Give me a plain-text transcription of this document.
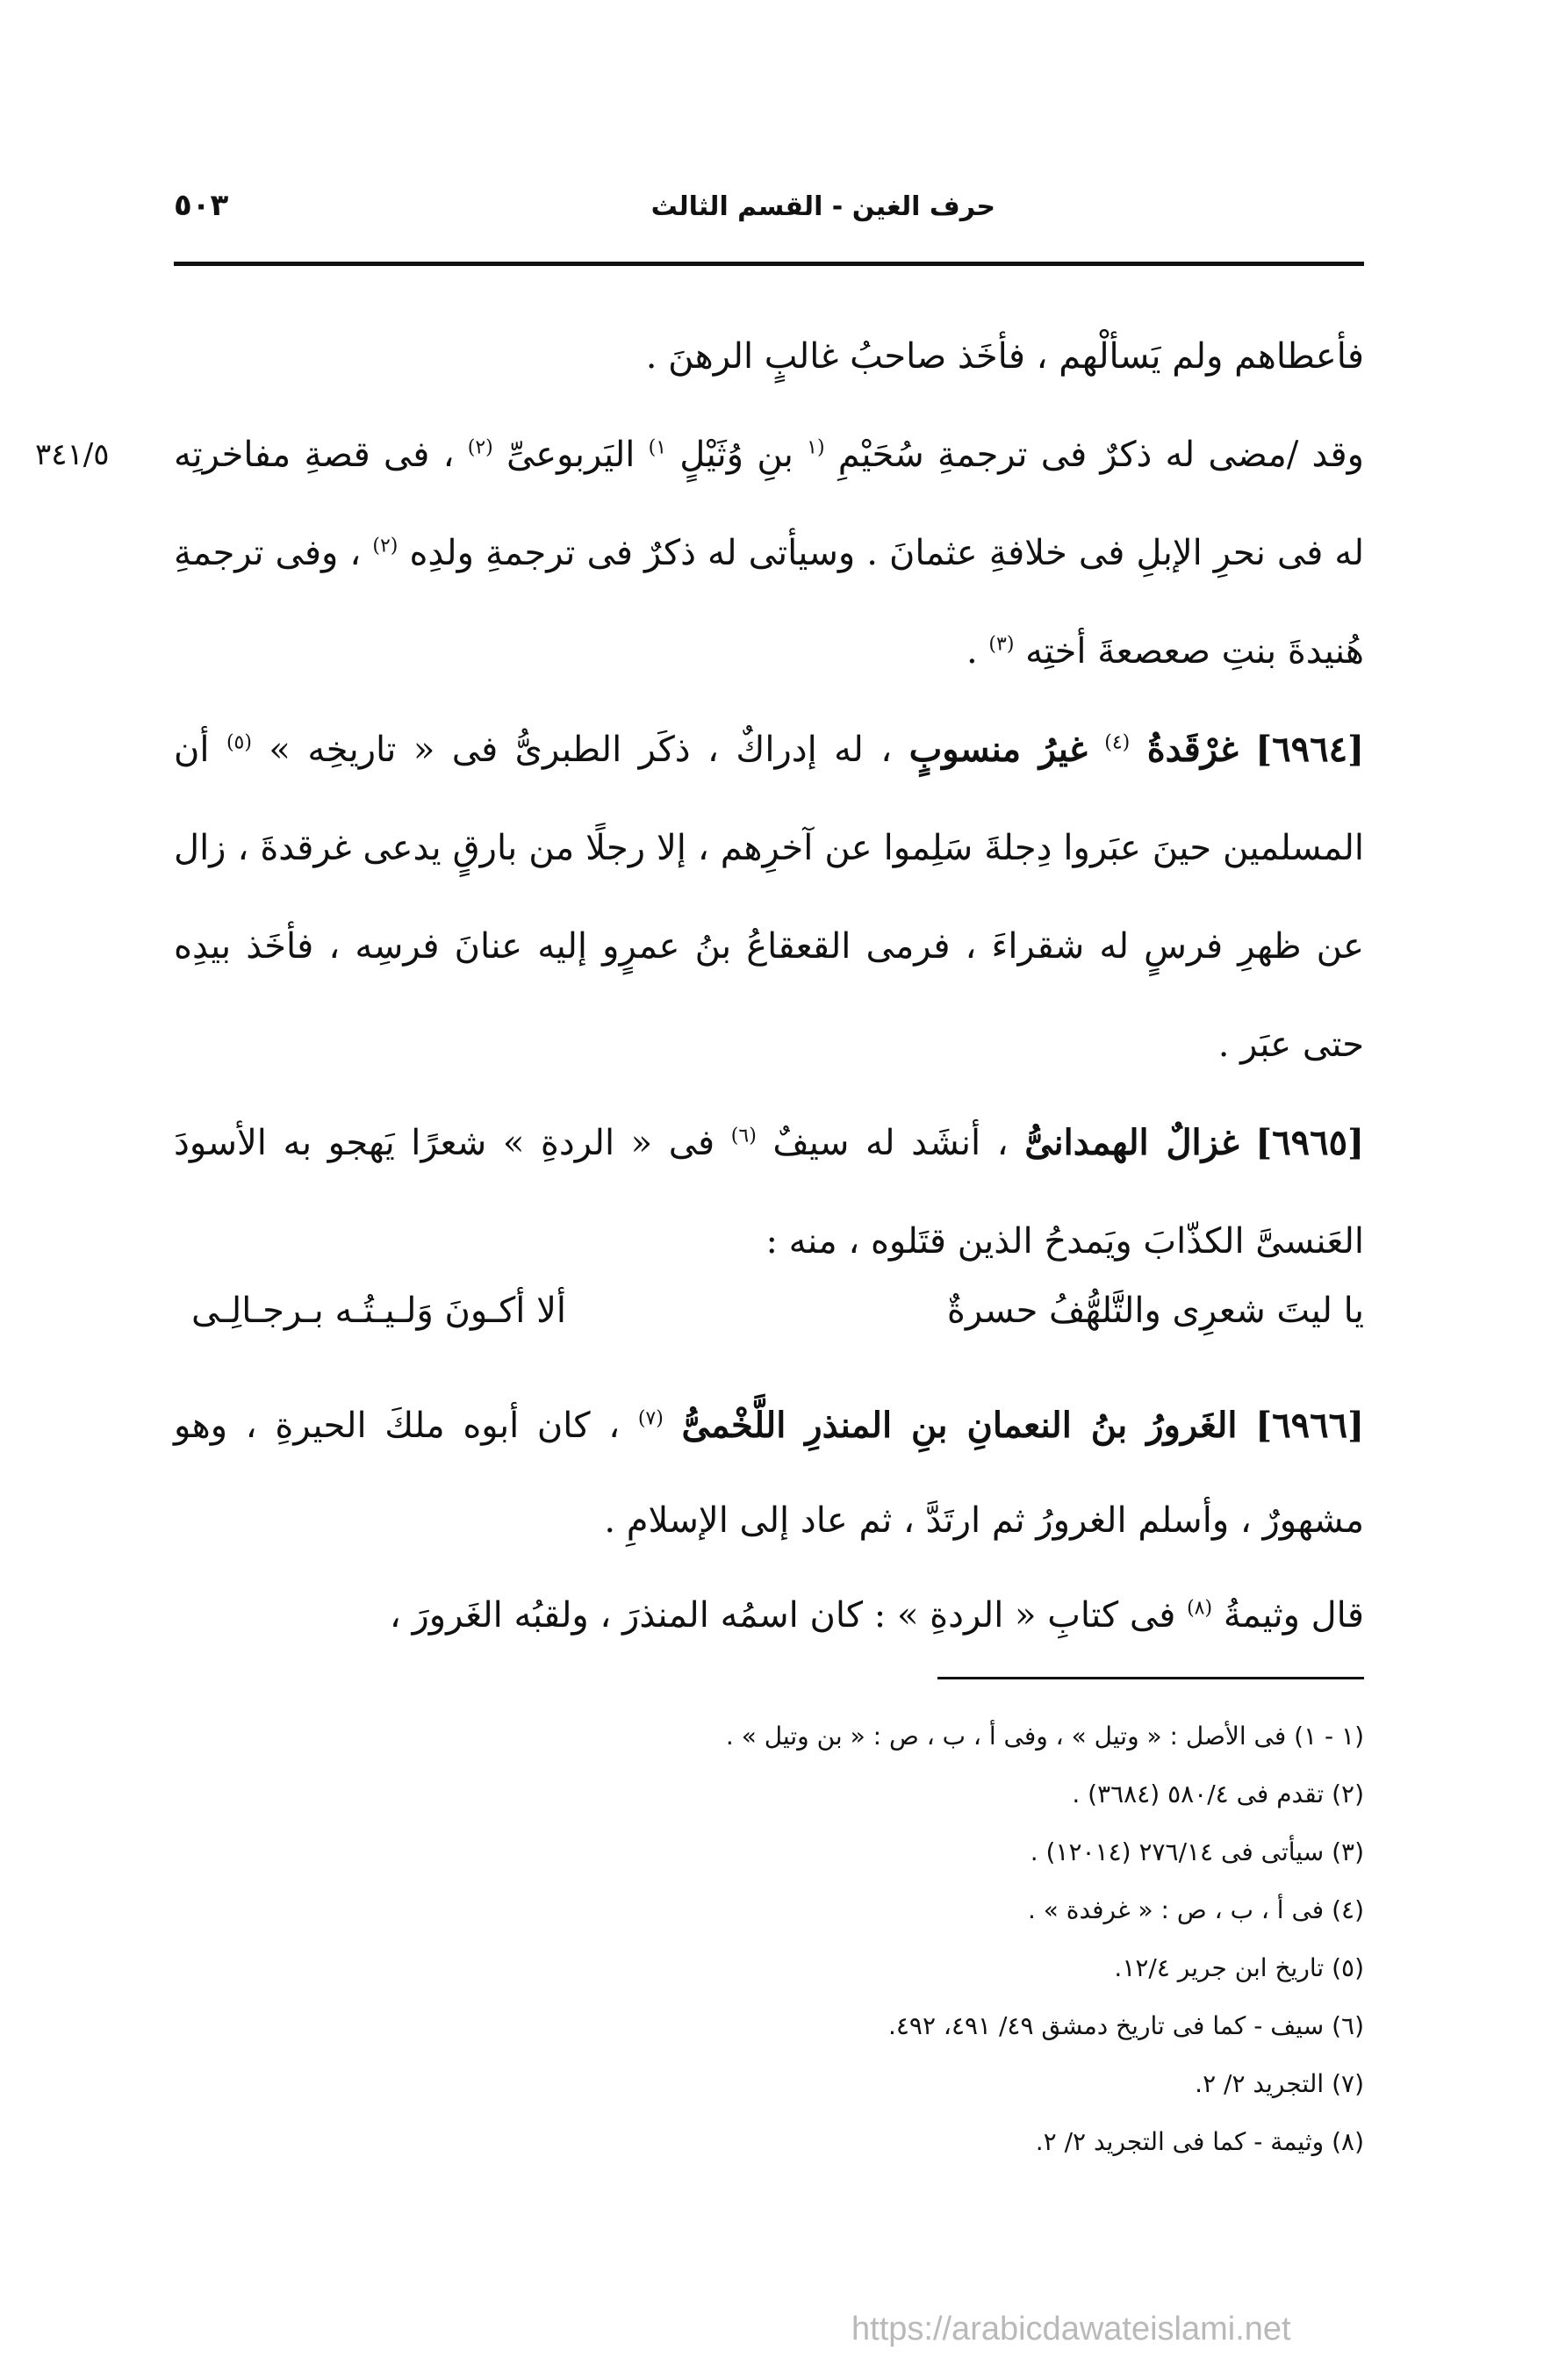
حرف الغين - القسم الثالث
٥٠٣
٣٤١/٥

فأعطاهم ولم يَسألْهم ، فأخَذ صاحبُ غالبٍ الرهنَ .

وقد /مضى له ذكرٌ فى ترجمةِ سُحَيْمِ $^{(١}$ بنِ وُثَيْلٍ $^{١)}$ اليَربوعىِّ $^{(٢)}$ ، فى قصةِ مفاخرتِه له فى نحرِ الإبلِ فى خلافةِ عثمانَ . وسيأتى له ذكرٌ فى ترجمةِ ولدِه $^{(٢)}$ ، وفى ترجمةِ هُنيدةَ بنتِ صعصعةَ أختِه $^{(٣)}$ .

[٦٩٦٤] غرْقَدةُ $^{(٤)}$ غيرُ منسوبٍ ، له إدراكٌ ، ذكَر الطبرىُّ فى « تاريخِه » $^{(٥)}$ أن المسلمين حينَ عبَروا دِجلةَ سَلِموا عن آخرِهم ، إلا رجلًا من بارقٍ يدعى غرقدةَ ، زال عن ظهرِ فرسٍ له شقراءَ ، فرمى القعقاعُ بنُ عمرٍو إليه عنانَ فرسِه ، فأخَذ بيدِه حتى عبَر .

[٦٩٦٥] غزالٌ الهمدانىُّ ، أنشَد له سيفٌ $^{(٦)}$ فى « الردةِ » شعرًا يَهجو به الأسودَ العَنسىَّ الكذّابَ ويَمدحُ الذين قتَلوه ، منه :

يا ليتَ شعرِى والتَّلهُّفُ حسرةٌ
ألا أكـونَ وَلـيـتُـه بـرجـالِـى

[٦٩٦٦] الغَرورُ بنُ النعمانِ بنِ المنذرِ اللَّخْمىُّ $^{(٧)}$ ، كان أبوه ملكَ الحيرةِ ، وهو مشهورٌ ، وأسلم الغرورُ ثم ارتَدَّ ، ثم عاد إلى الإسلامِ .

قال وثيمةُ $^{(٨)}$ فى كتابِ « الردةِ » : كان اسمُه المنذرَ ، ولقبُه الغَرورَ ،

(١ - ١) فى الأصل : « وتيل » ، وفى أ ، ب ، ص : « بن وتيل » .

(٢) تقدم فى ٥٨٠/٤ (٣٦٨٤) .

(٣) سيأتى فى ٢٧٦/١٤ (١٢٠١٤) .

(٤) فى أ ، ب ، ص : « غرفدة » .

(٥) تاريخ ابن جرير ١٢/٤.

(٦) سيف - كما فى تاريخ دمشق ٤٩/ ٤٩١، ٤٩٢.

(٧) التجريد ٢/ ٢.

(٨) وثيمة - كما فى التجريد ٢/ ٢.

https://arabicdawateislami.net
